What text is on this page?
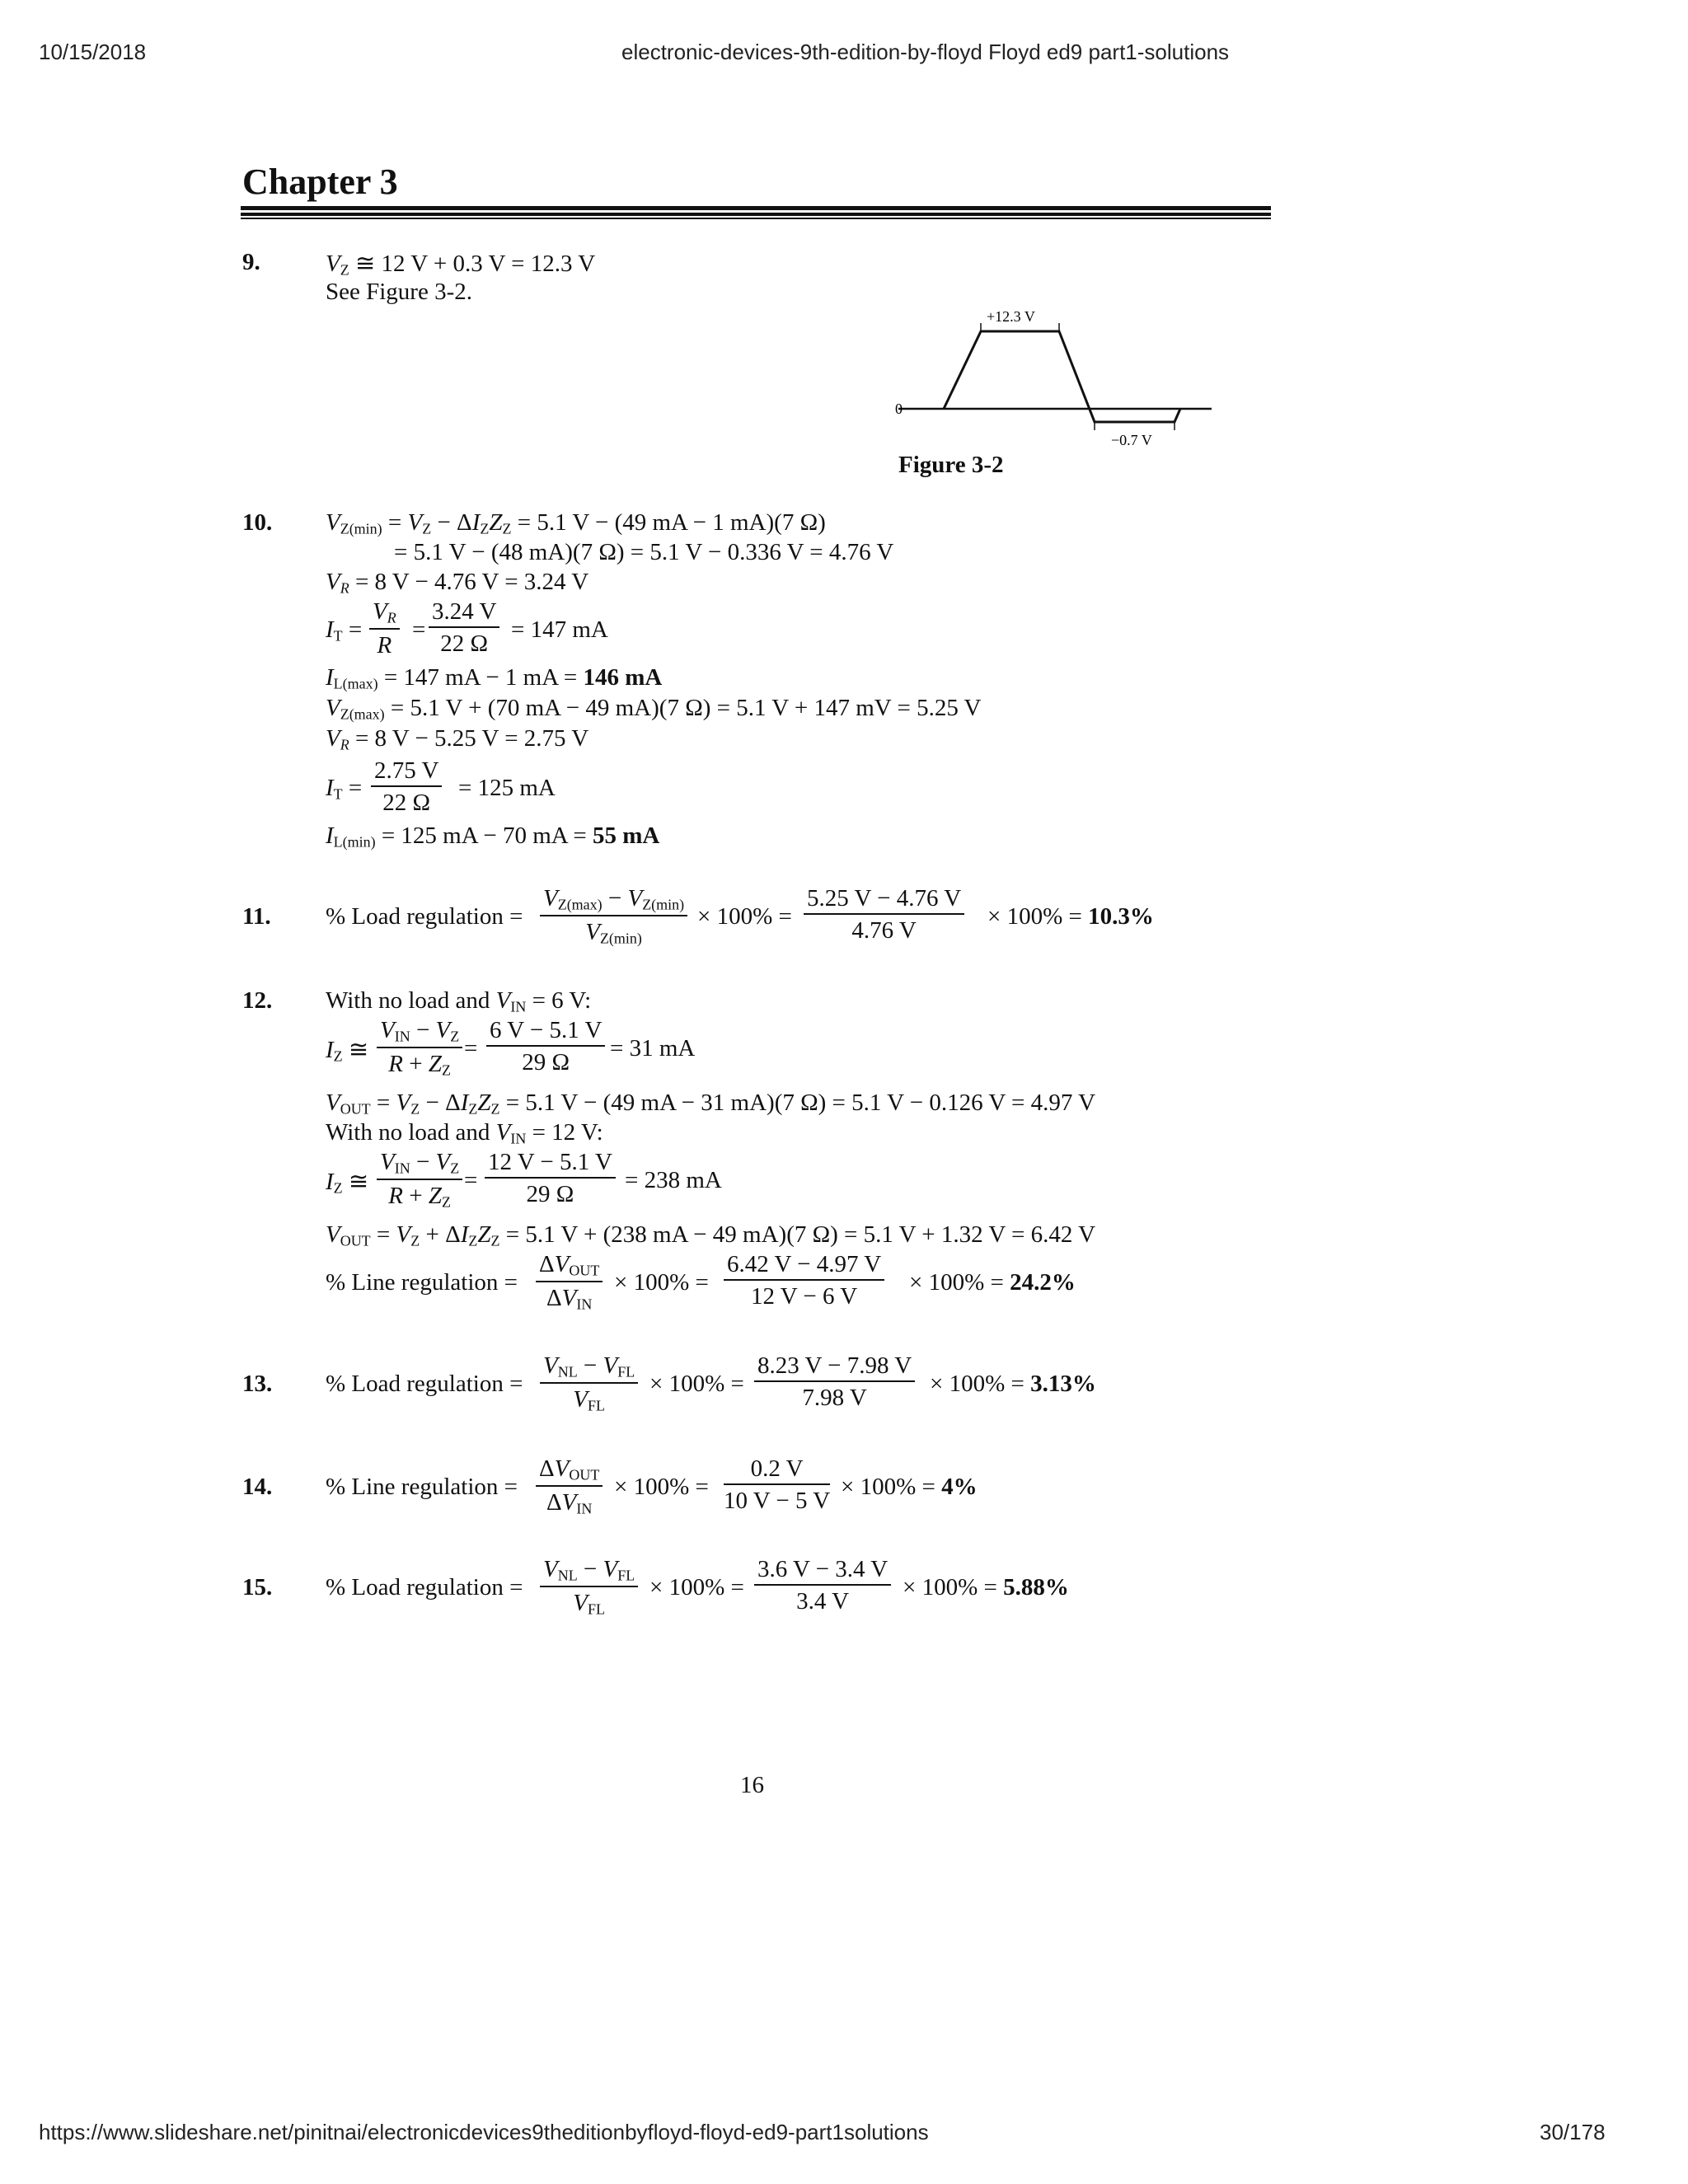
10/15/2018	electronic-devices-9th-edition-by-floyd Floyd ed9 part1-solutions
https://www.slideshare.net/pinitnai/electronicdevices9theditionbyfloyd-floyd-ed9-part1solutions	30/178
Chapter 3
9.	$V_Z$ ≅ 12 V + 0.3 V = 12.3 V
See Figure 3-2.
+12.3 V
0
−0.7 V
Figure 3-2
10. $V_{Z(min)} = V_Z - \Delta I_ZZ_Z = 5.1$ V − (49 mA − 1 mA)(7 Ω)
= 5.1 V − (48 mA)(7 Ω) = 5.1 V − 0.336 V = 4.76 V
$V_R = 8$ V − 4.76 V = 3.24 V
$I_T = \frac{V_R}{R} = \frac{3.24 V}{22 \Omega} = 147$ mA
$I_{L(max)} = 147$ mA − 1 mA = 146 mA
$V_{Z(max)} = 5.1$ V + (70 mA − 49 mA)(7 Ω) = 5.1 V + 147 mV = 5.25 V
$V_R = 8$ V − 5.25 V = 2.75 V
$I_T = \frac{2.75 V}{22 \Omega} = 125$ mA
$I_{L(min)} = 125$ mA − 70 mA = 55 mA
11. % Load regulation =
$V_{Z(max)} - V_{Z(min)}$
$V_{Z(min)}$
× $100\% = \frac{5.25 V - 4.76 V}{4.76 V} \times 100\% = 10.3\%$
12. With no load and $V_{IN} = 6$ V:
$I_Z$ ≅
$V_{IN} - V_Z$
$R + Z_Z$
= $\frac{6 V - 5.1 V}{29 \Omega} = 31$ mA
$V_{OUT} = V_Z - \Delta I_ZZ_Z = 5.1$ V − (49 mA − 31 mA)(7 Ω) = 5.1 V − 0.126 V = 4.97 V
With no load and $V_{IN} = 12$ V:
$I_Z$ ≅
$V_{IN} - V_Z$
$R + Z_Z$
= $\frac{12 V - 5.1 V}{29 \Omega} = 238$ mA
$V_{OUT} = V_Z + \Delta I_ZZ_Z = 5.1$ V + (238 mA − 49 mA)(7 Ω) = 5.1 V + 1.32 V = 6.42 V
% Line regulation =
$\Delta V_{OUT}$
$\Delta V_{IN}$
× $100\% = \frac{6.42 V - 4.97 V}{12 V - 6 V} \times 100\% = 24.2\%$
13. % Load regulation =
$V_{NL} - V_{FL}$
$V_{FL}$
× $100\% = \frac{8.23 V - 7.98 V}{7.98 V} \times 100\% = 3.13\%$
14. % Line regulation =
$\Delta V_{OUT}$
$\Delta V_{IN}$
× $100\% = \frac{0.2 V}{10 V - 5 V} \times 100\% = 4\%$
15. % Load regulation =
$V_{NL} - V_{FL}$
$V_{FL}$
× $100\% = \frac{3.6 V - 3.4 V}{3.4 V} \times 100\% = 5.88\%$
16
